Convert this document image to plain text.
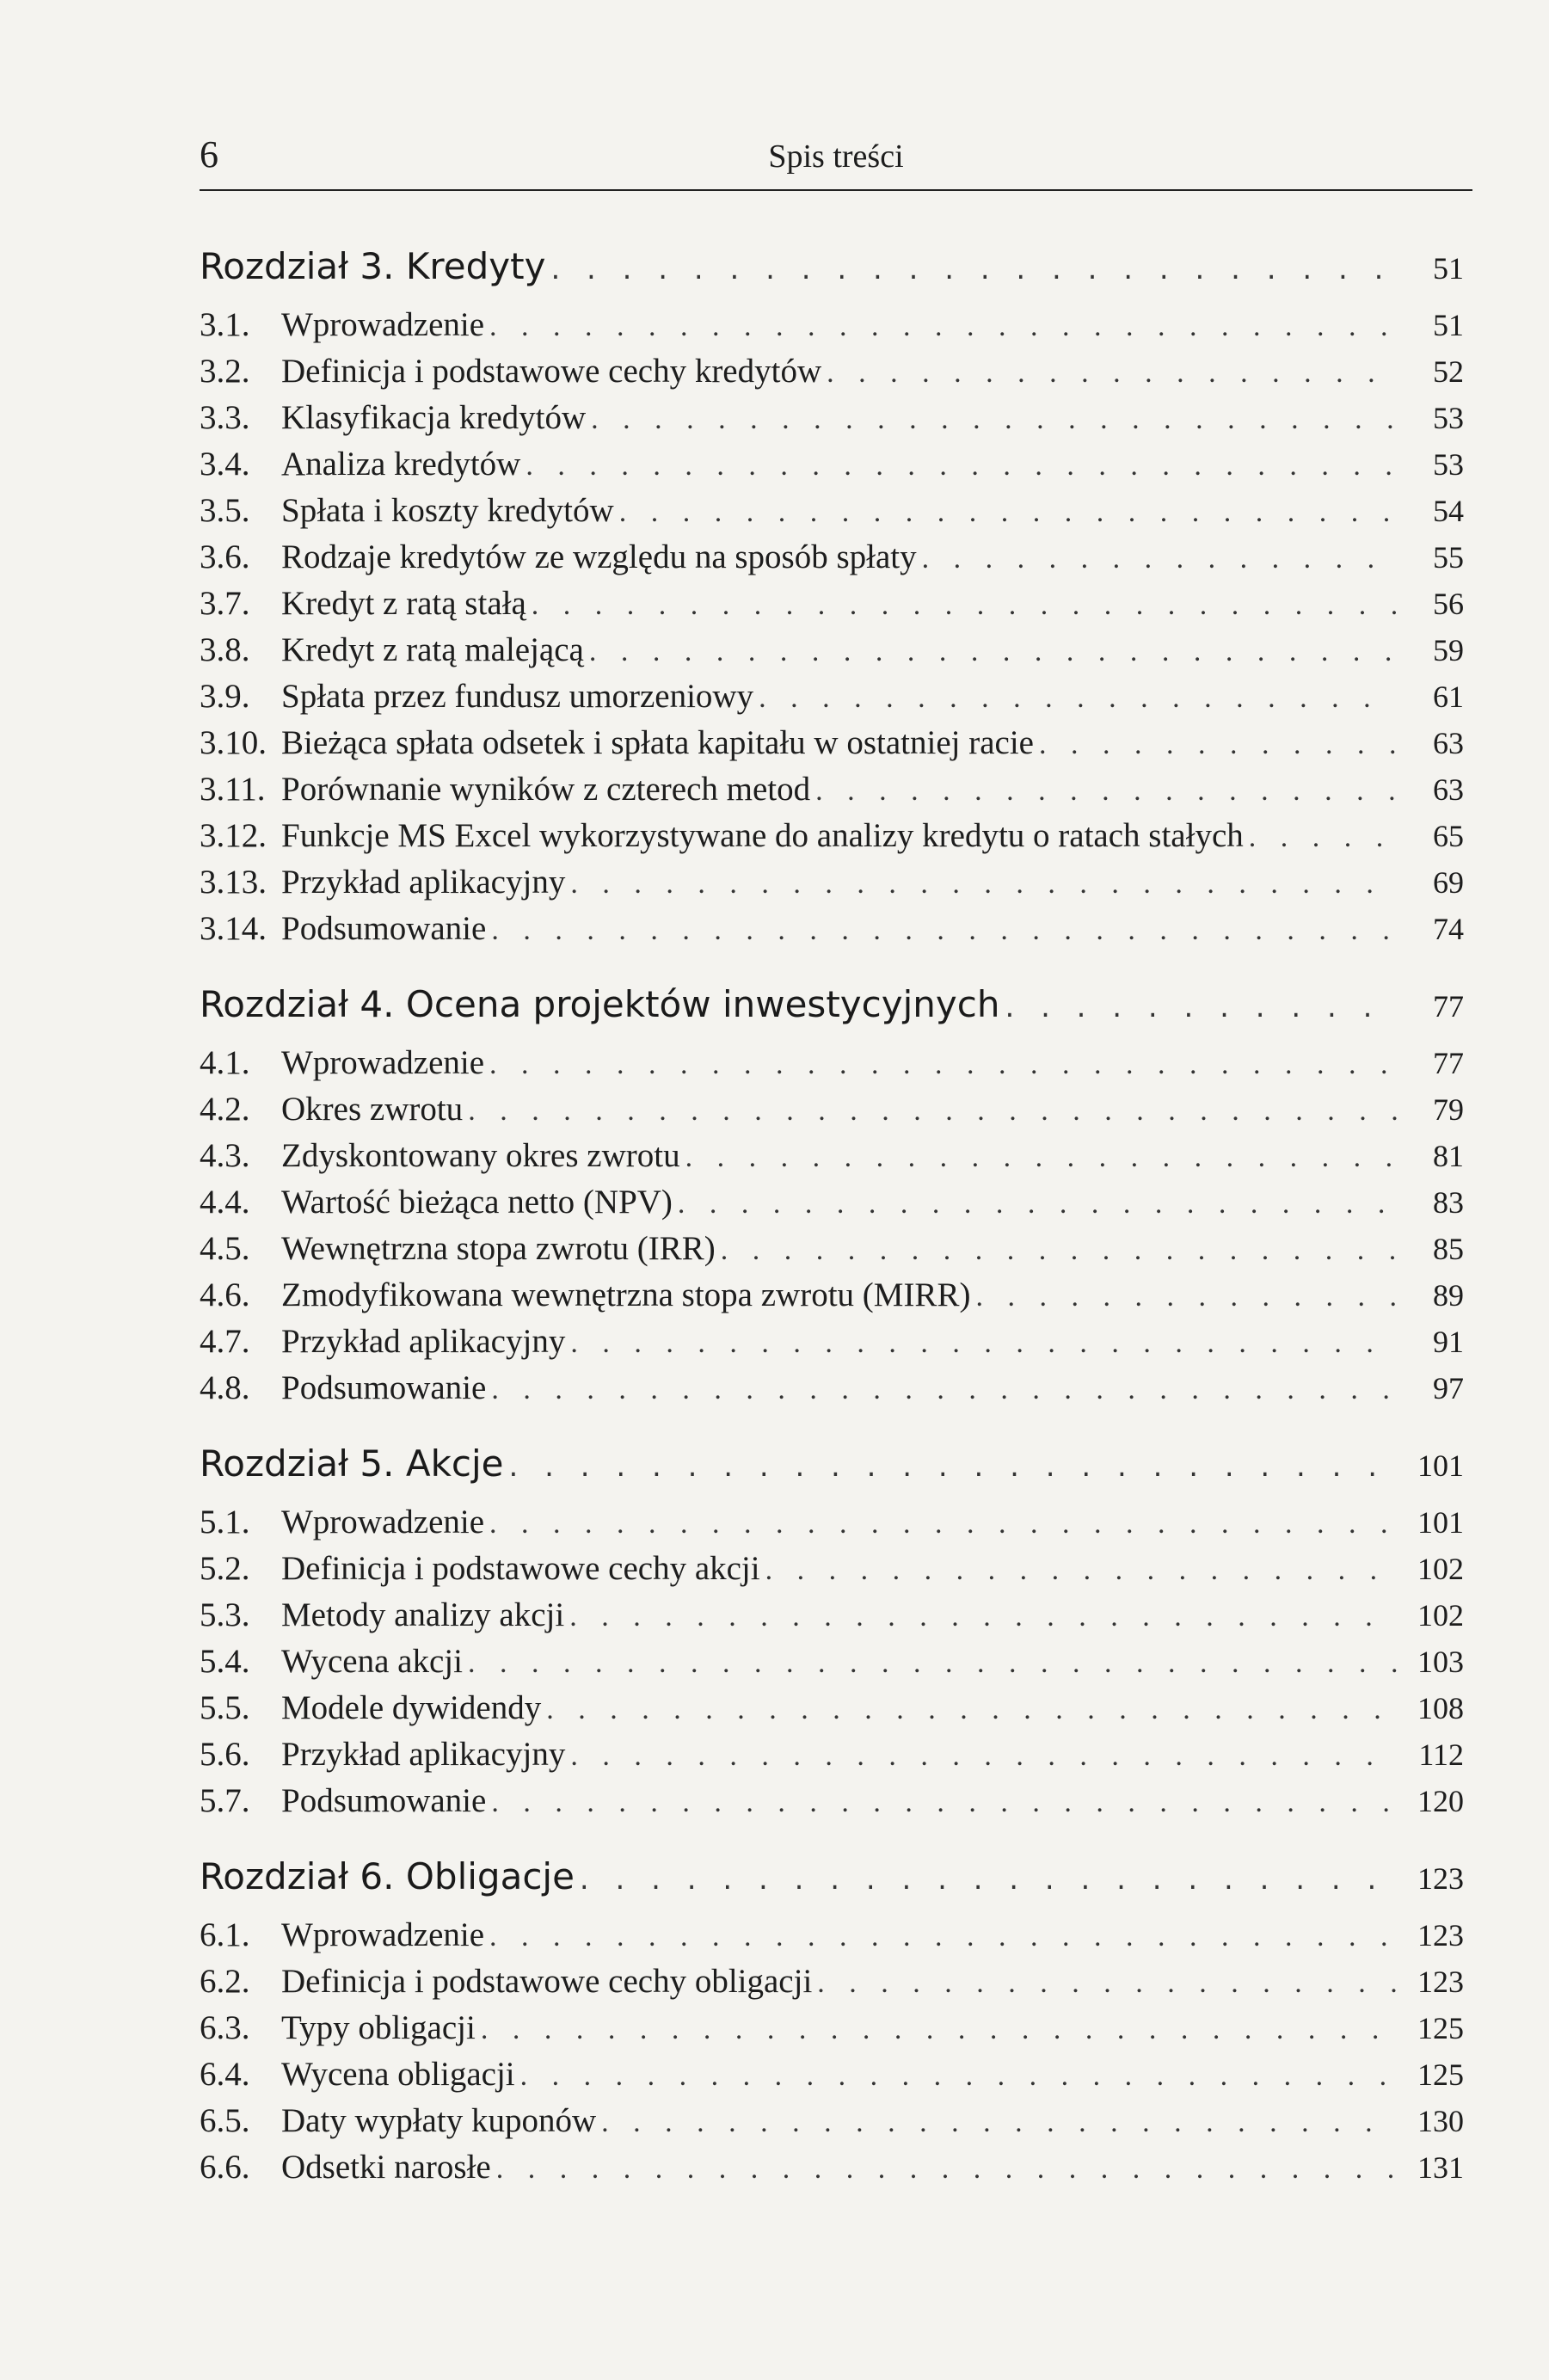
6	Spis treści
Rozdział 3. Kredyty . . .	51
3.1. Wprowadzenie . . .	51
3.2. Definicja i podstawowe cechy kredytów . . .	52
3.3. Klasyfikacja kredytów . . .	53
3.4. Analiza kredytów . . .	53
3.5. Spłata i koszty kredytów . . .	54
3.6. Rodzaje kredytów ze względu na sposób spłaty . . .	55
3.7. Kredyt z ratą stałą . . .	56
3.8. Kredyt z ratą malejącą . . .	59
3.9. Spłata przez fundusz umorzeniowy . . .	61
3.10. Bieżąca spłata odsetek i spłata kapitału w ostatniej racie . . .	63
3.11. Porównanie wyników z czterech metod . . .	63
3.12. Funkcje MS Excel wykorzystywane do analizy kredytu o ratach stałych . . .	65
3.13. Przykład aplikacyjny . . .	69
3.14. Podsumowanie . . .	74
Rozdział 4. Ocena projektów inwestycyjnych . . .	77
4.1. Wprowadzenie . . .	77
4.2. Okres zwrotu . . .	79
4.3. Zdyskontowany okres zwrotu . . .	81
4.4. Wartość bieżąca netto (NPV) . . .	83
4.5. Wewnętrzna stopa zwrotu (IRR) . . .	85
4.6. Zmodyfikowana wewnętrzna stopa zwrotu (MIRR) . . .	89
4.7. Przykład aplikacyjny . . .	91
4.8. Podsumowanie . . .	97
Rozdział 5. Akcje . . .	101
5.1. Wprowadzenie . . .	101
5.2. Definicja i podstawowe cechy akcji . . .	102
5.3. Metody analizy akcji . . .	102
5.4. Wycena akcji . . .	103
5.5. Modele dywidendy . . .	108
5.6. Przykład aplikacyjny . . .	112
5.7. Podsumowanie . . .	120
Rozdział 6. Obligacje . . .	123
6.1. Wprowadzenie . . .	123
6.2. Definicja i podstawowe cechy obligacji . . .	123
6.3. Typy obligacji . . .	125
6.4. Wycena obligacji . . .	125
6.5. Daty wypłaty kuponów . . .	130
6.6. Odsetki narosłe . . .	131
